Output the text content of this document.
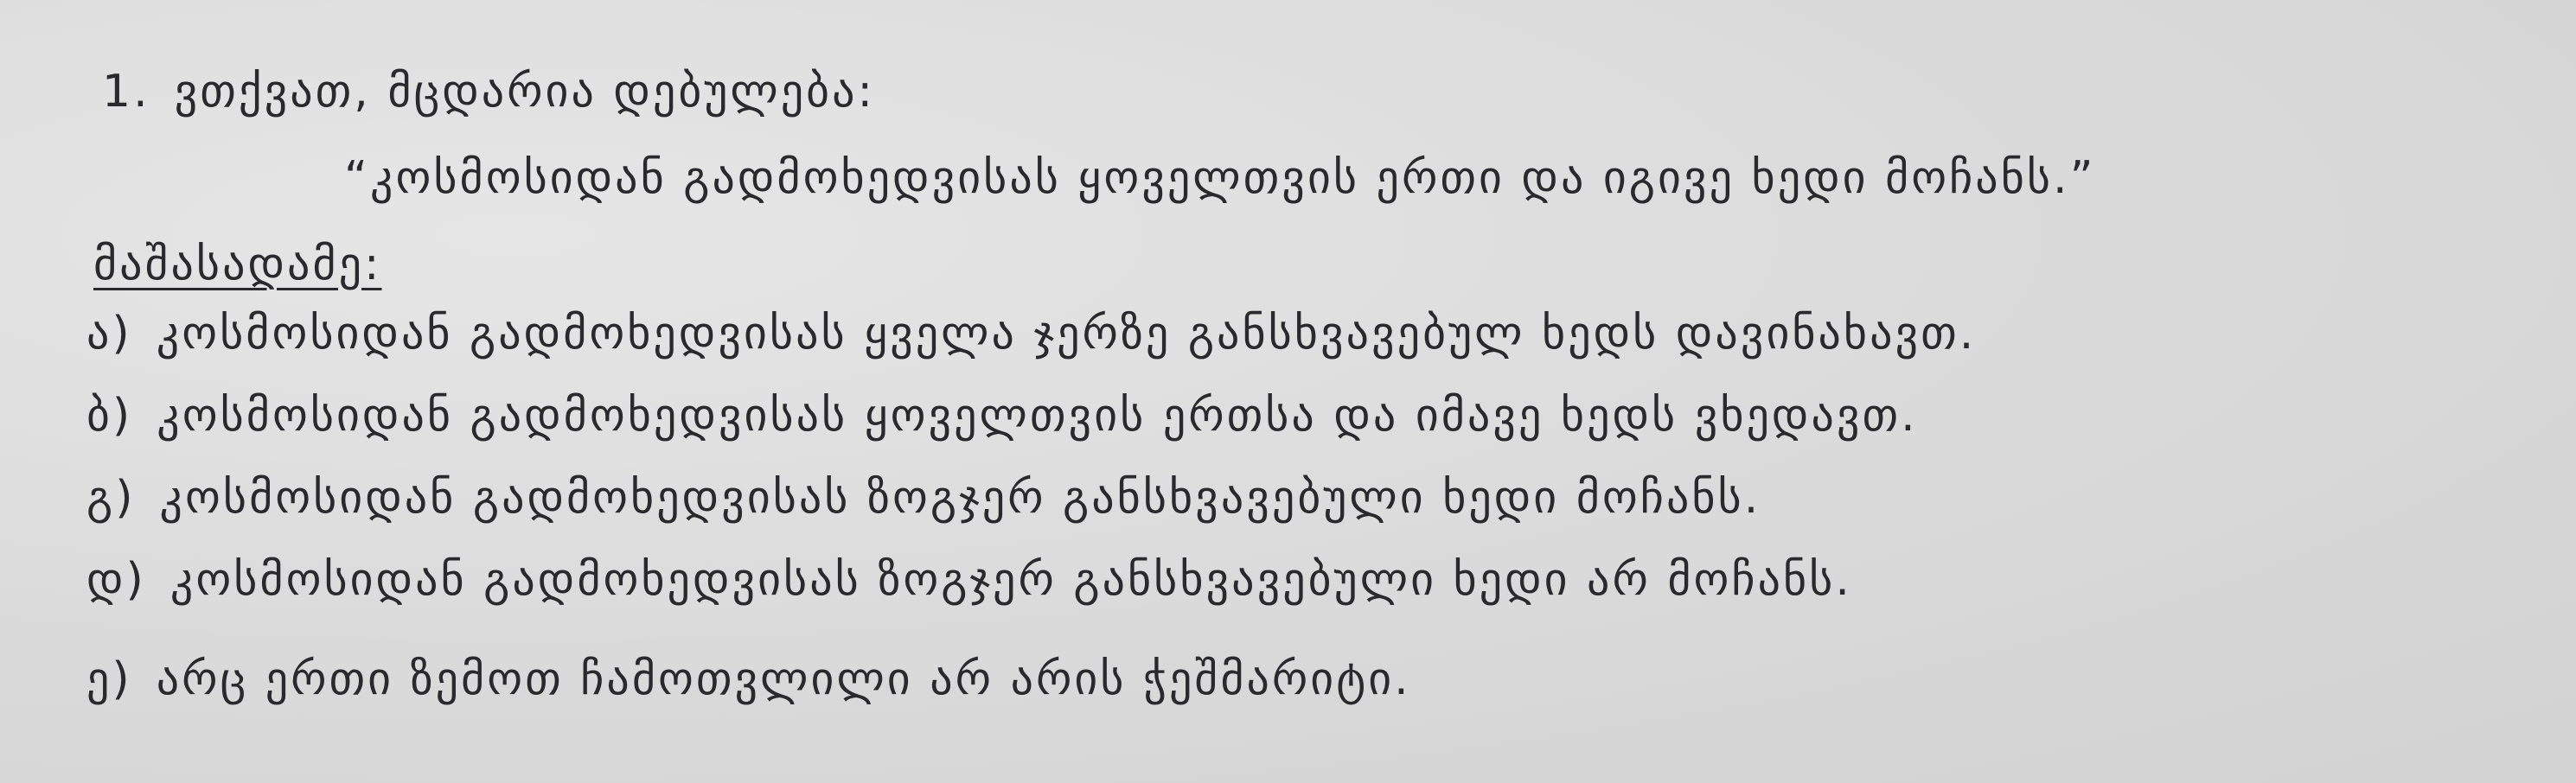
1. ვთქვათ, მცდარია დებულება:
“კოსმოსიდან გადმოხედვისას ყოველთვის ერთი და იგივე ხედი მოჩანს.”
მაშასადამე:
ა) კოსმოსიდან გადმოხედვისას ყველა ჯერზე განსხვავებულ ხედს დავინახავთ.
ბ) კოსმოსიდან გადმოხედვისას ყოველთვის ერთსა და იმავე ხედს ვხედავთ.
გ) კოსმოსიდან გადმოხედვისას ზოგჯერ განსხვავებული ხედი მოჩანს.
დ) კოსმოსიდან გადმოხედვისას ზოგჯერ განსხვავებული ხედი არ მოჩანს.
ე) არც ერთი ზემოთ ჩამოთვლილი არ არის ჭეშმარიტი.
